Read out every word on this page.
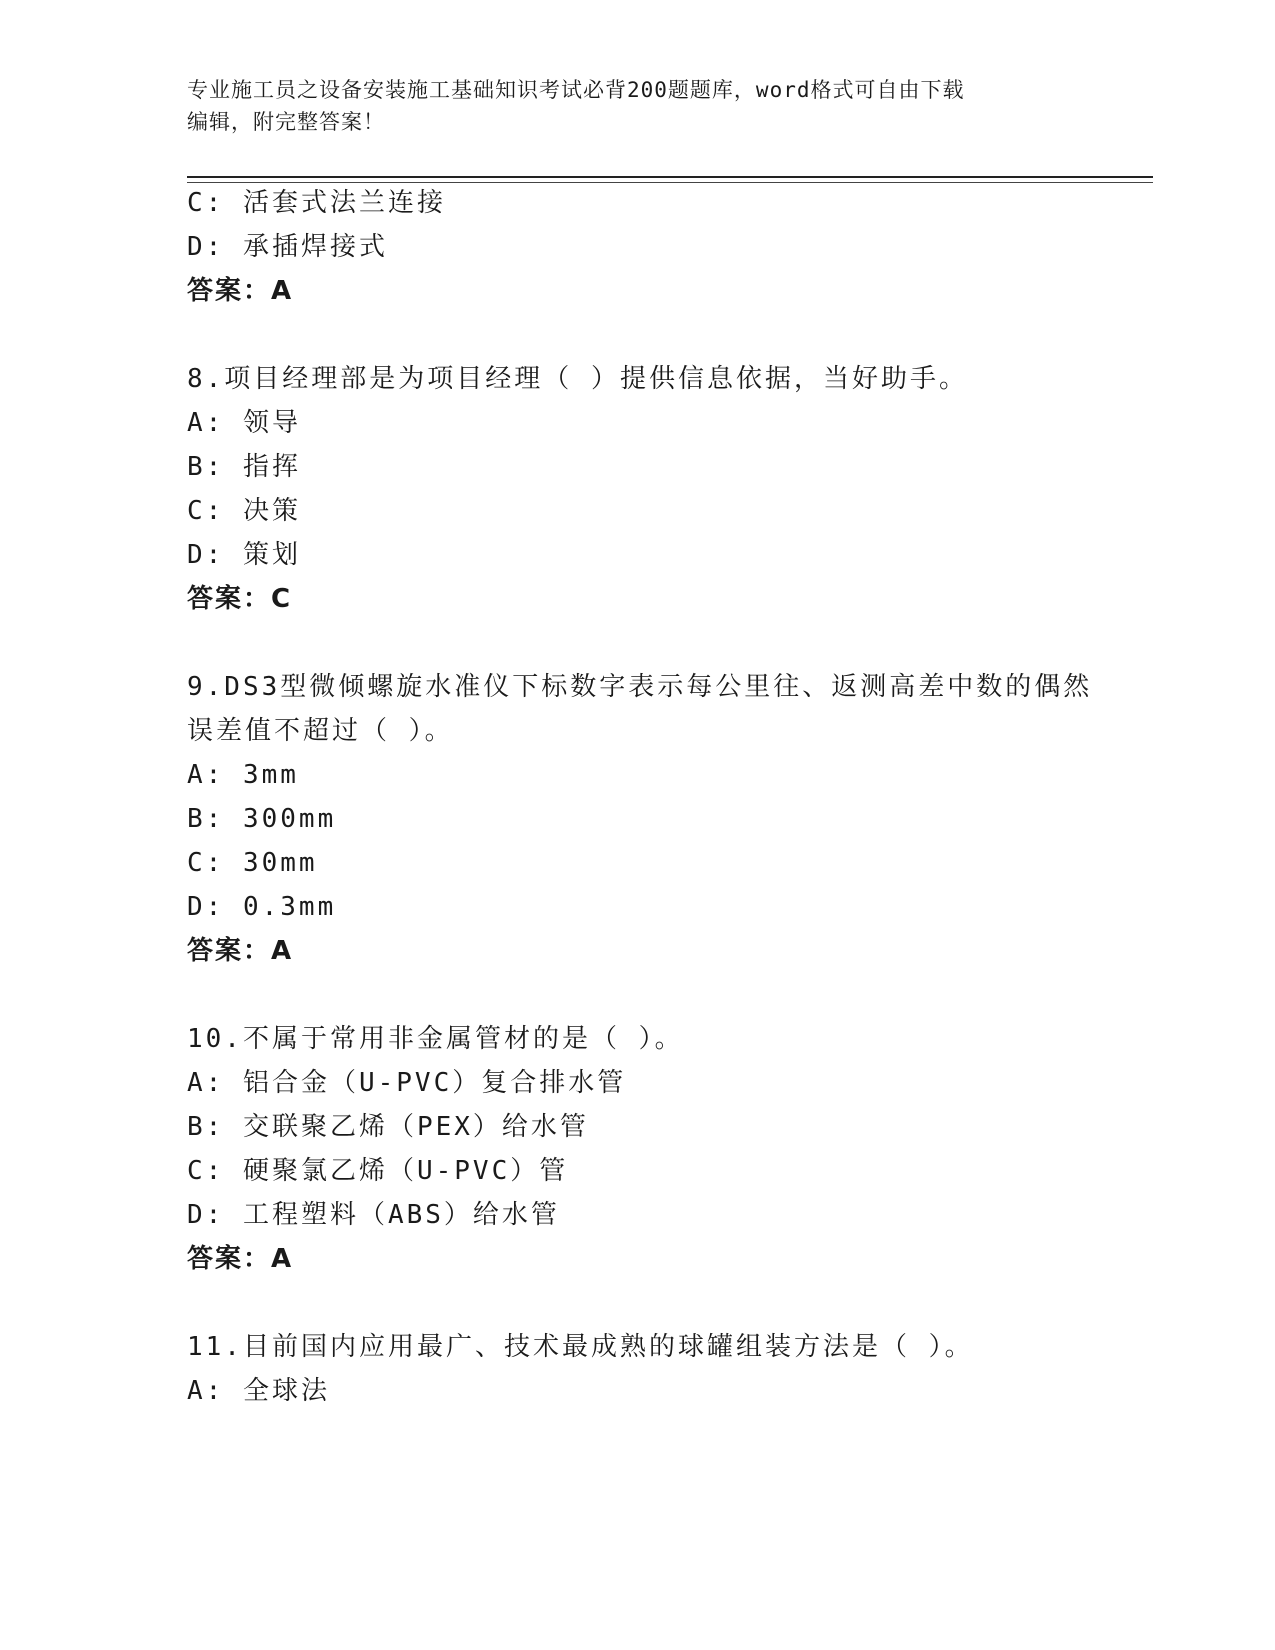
专业施工员之设备安装施工基础知识考试必背200题题库，word格式可自由下载
编辑，附完整答案！
C: 活套式法兰连接
D: 承插焊接式
答案：A
8.项目经理部是为项目经理（ ）提供信息依据，当好助手。
A: 领导
B: 指挥
C: 决策
D: 策划
答案：C
9.DS3型微倾螺旋水准仪下标数字表示每公里往、返测高差中数的偶然
误差值不超过（ ）。
A: 3mm
B: 300mm
C: 30mm
D: 0.3mm
答案：A
10.不属于常用非金属管材的是（ ）。
A: 铝合金（U-PVC）复合排水管
B: 交联聚乙烯（PEX）给水管
C: 硬聚氯乙烯（U-PVC）管
D: 工程塑料（ABS）给水管
答案：A
11.目前国内应用最广、技术最成熟的球罐组装方法是（ ）。
A: 全球法
